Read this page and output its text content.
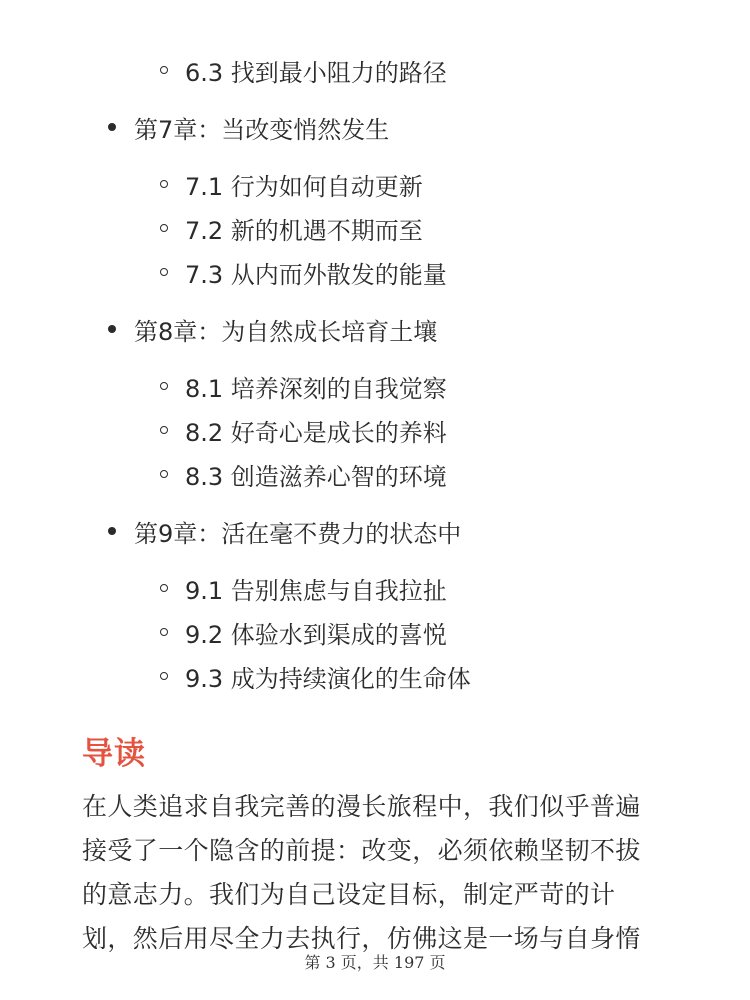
6.3 找到最小阻力的路径
第7章：当改变悄然发生
7.1 行为如何自动更新
7.2 新的机遇不期而至
7.3 从内而外散发的能量
第8章：为自然成长培育土壤
8.1 培养深刻的自我觉察
8.2 好奇心是成长的养料
8.3 创造滋养心智的环境
第9章：活在毫不费力的状态中
9.1 告别焦虑与自我拉扯
9.2 体验水到渠成的喜悦
9.3 成为持续演化的生命体
导读
在人类追求自我完善的漫长旅程中，我们似乎普遍
接受了一个隐含的前提：改变，必须依赖坚韧不拔
的意志力。我们为自己设定目标，制定严苛的计
划，然后用尽全力去执行，仿佛这是一场与自身惰
第 3 页，共 197 页
